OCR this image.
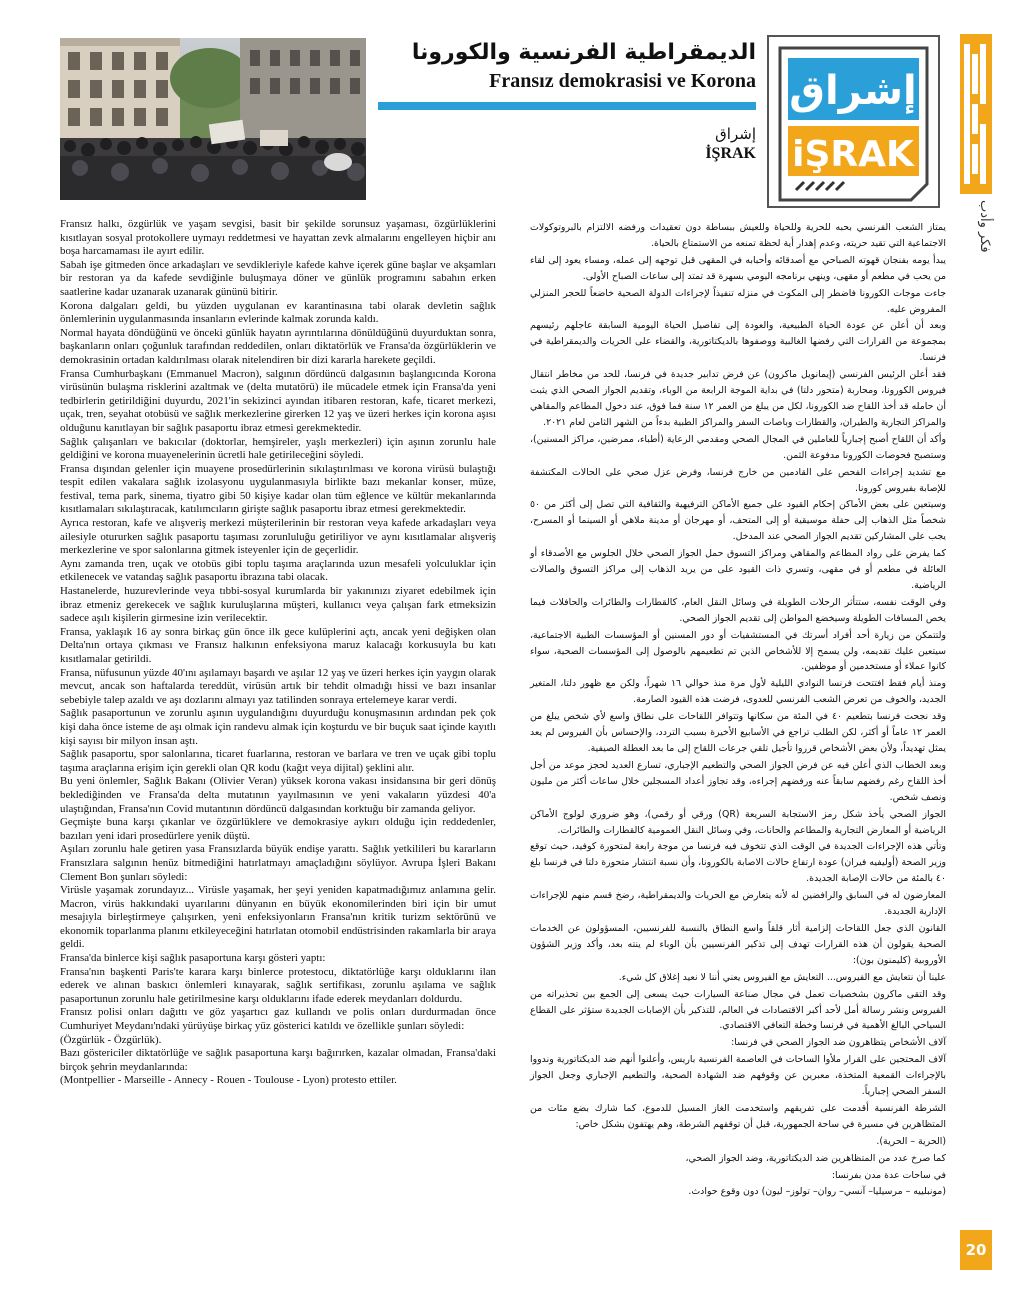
الديمقراطية الفرنسية والكورونا
Fransız demokrasisi ve Korona
إشراق
İŞRAK
إشراق
iŞRAK
فكر وأدب
20

Fransız halkı, özgürlük ve yaşam sevgisi, basit bir şekilde sorunsuz yaşaması, özgürlüklerini kısıtlayan sosyal protokollere uymayı reddetmesi ve hayattan zevk almalarını engelleyen hiçbir anı boşa harcamaması ile ayırt edilir.

Sabah işe gitmeden önce arkadaşları ve sevdikleriyle kafede kahve içerek güne başlar ve akşamları bir restoran ya da kafede sevdiğinle buluşmaya döner ve günlük programını sabahın erken saatlerine kadar uzanarak uzanarak gününü bitirir.

Korona dalgaları geldi, bu yüzden uygulanan ev karantinasına tabi olarak devletin sağlık önlemlerinin uygulanmasında insanların evlerinde kalmak zorunda kaldı.

Normal hayata döndüğünü ve önceki günlük hayatın ayrıntılarına dönüldüğünü duyurduktan sonra, başkanların onları çoğunluk tarafından reddedilen, onları diktatörlük ve Fransa'da özgürlüklerin ve demokrasinin ortadan kaldırılması olarak nitelendiren bir dizi kararla harekete geçildi.

Fransa Cumhurbaşkanı (Emmanuel Macron), salgının dördüncü dalgasının başlangıcında Korona virüsünün bulaşma risklerini azaltmak ve (delta mutatörü) ile mücadele etmek için Fransa'da yeni tedbirlerin getirildiğini duyurdu, 2021'in sekizinci ayından itibaren restoran, kafe, ticaret merkezi, uçak, tren, seyahat otobüsü ve sağlık merkezlerine girerken 12 yaş ve üzeri herkes için korona aşısı olduğunu kanıtlayan bir sağlık pasaportu ibraz etmesi gerekmektedir.

Sağlık çalışanları ve bakıcılar (doktorlar, hemşireler, yaşlı merkezleri) için aşının zorunlu hale geldiğini ve korona muayenelerinin ücretli hale getirileceğini söyledi.

Fransa dışından gelenler için muayene prosedürlerinin sıkılaştırılması ve korona virüsü bulaştığı tespit edilen vakalara sağlık izolasyonu uygulanmasıyla birlikte bazı mekanlar konser, müze, festival, tema park, sinema, tiyatro gibi 50 kişiye kadar olan tüm eğlence ve kültür mekanlarında kısıtlamaları sıkılaştıracak, katılımcıların girişte sağlık pasaportu ibraz etmesi gerekmektedir.

Ayrıca restoran, kafe ve alışveriş merkezi müşterilerinin bir restoran veya kafede arkadaşları veya ailesiyle otururken sağlık pasaportu taşıması zorunluluğu getiriliyor ve aynı kısıtlamalar alışveriş merkezlerine ve spor salonlarına gitmek isteyenler için de geçerlidir.

Aynı zamanda tren, uçak ve otobüs gibi toplu taşıma araçlarında uzun mesafeli yolculuklar için etkilenecek ve vatandaş sağlık pasaportu ibrazına tabi olacak.

Hastanelerde, huzurevlerinde veya tıbbi-sosyal kurumlarda bir yakınınızı ziyaret edebilmek için ibraz etmeniz gerekecek ve sağlık kuruluşlarına müşteri, kullanıcı veya çalışan fark etmeksizin sadece aşılı kişilerin girmesine izin verilecektir.

Fransa, yaklaşık 16 ay sonra birkaç gün önce ilk gece kulüplerini açtı, ancak yeni değişken olan Delta'nın ortaya çıkması ve Fransız halkının enfeksiyona maruz kalacağı korkusuyla bu katı kısıtlamalar getirildi.

Fransa, nüfusunun yüzde 40'ını aşılamayı başardı ve aşılar 12 yaş ve üzeri herkes için yaygın olarak mevcut, ancak son haftalarda tereddüt, virüsün artık bir tehdit olmadığı hissi ve bazı insanlar sebebiyle talep azaldı ve aşı dozlarını almayı yaz tatilinden sonraya ertelemeye karar verdi.

Sağlık pasaportunun ve zorunlu aşının uygulandığını duyurduğu konuşmasının ardından pek çok kişi daha önce isteme de aşı olmak için randevu almak için koşturdu ve bir buçuk saat içinde kayıtlı kişi sayısı bir milyon insan aştı.

Sağlık pasaportu, spor salonlarına, ticaret fuarlarına, restoran ve barlara ve tren ve uçak gibi toplu taşıma araçlarına erişim için gerekli olan QR kodu (kağıt veya dijital) şeklini alır.

Bu yeni önlemler, Sağlık Bakanı (Olivier Veran) yüksek korona vakası insidansına bir geri dönüş beklediğinden ve Fransa'da delta mutatının yayılmasının ve yeni vakaların yüzdesi 40'a ulaştığından, Fransa'nın Covid mutantının dördüncü dalgasından korktuğu bir zamanda geliyor.

Geçmişte buna karşı çıkanlar ve özgürlüklere ve demokrasiye aykırı olduğu için reddedenler, bazıları yeni idari prosedürlere yenik düştü.

Aşıları zorunlu hale getiren yasa Fransızlarda büyük endişe yarattı. Sağlık yetkilileri bu kararların Fransızlara salgının henüz bitmediğini hatırlatmayı amaçladığını söylüyor. Avrupa İşleri Bakanı Clement Bon şunları söyledi:

Virüsle yaşamak zorundayız... Virüsle yaşamak, her şeyi yeniden kapatmadığımız anlamına gelir. Macron, virüs hakkındaki uyarılarını dünyanın en büyük ekonomilerinden biri için bir umut mesajıyla birleştirmeye çalışırken, yeni enfeksiyonların Fransa'nın kritik turizm sektörünü ve ekonomik toparlanma planını etkileyeceğini hatırlatan otomobil endüstrisinden rakamlarla bir araya geldi.

Fransa'da binlerce kişi sağlık pasaportuna karşı gösteri yaptı:

Fransa'nın başkenti Paris'te karara karşı binlerce protestocu, diktatörlüğe karşı olduklarını ilan ederek ve alınan baskıcı önlemleri kınayarak, sağlık sertifikası, zorunlu aşılama ve sağlık pasaportunun zorunlu hale getirilmesine karşı olduklarını ifade ederek meydanları doldurdu.

Fransız polisi onları dağıttı ve göz yaşartıcı gaz kullandı ve polis onları durdurmadan önce Cumhuriyet Meydanı'ndaki yürüyüşe birkaç yüz gösterici katıldı ve özellikle şunları söyledi:

(Özgürlük - Özgürlük).

Bazı göstericiler diktatörlüğe ve sağlık pasaportuna karşı bağırırken, kazalar olmadan, Fransa'daki birçok şehrin meydanlarında:

(Montpellier - Marseille - Annecy - Rouen - Toulouse - Lyon) protesto ettiler.

يمتاز الشعب الفرنسي بحبه للحرية وللحياة وللعيش ببساطة دون تعقيدات ورفضه الالتزام بالبروتوكولات الاجتماعية التي تقيد حريته، وعدم إهدار أية لحظة تمنعه من الاستمتاع بالحياة.

يبدأ يومه بفنجان قهوته الصباحي مع أصدقائه وأحبابه في المقهى قبل توجهه إلى عمله، ومساء يعود إلى لقاء من يحب في مطعم أو مقهى، وينهي برنامجه اليومي بسهرة قد تمتد إلى ساعات الصباح الأولى.

جاءت موجات الكورونا فاضطر إلى المكوث في منزله تنفيذاً لإجراءات الدولة الصحية خاضعاً للحجر المنزلي المفروض عليه.

وبعد أن أعلن عن عودة الحياة الطبيعية، والعودة إلى تفاصيل الحياة اليومية السابقة عاجلهم رئيسهم بمجموعة من القرارات التي رفضها الغالبية ووصفوها بالديكتاتورية، والقضاء على الحريات والديمقراطية في فرنسا.

فقد أعلن الرئيس الفرنسي (إيمانويل ماكرون) عن فرض تدابير جديدة في فرنسا، للحد من مخاطر انتقال فيروس الكورونا، ومحاربة (متحور دلتا) في بداية الموجة الرابعة من الوباء، وتقديم الجواز الصحي الذي يثبت أن حامله قد أخذ اللقاح ضد الكورونا، لكل من يبلغ من العمر ١٢ سنة فما فوق، عند دخول المطاعم والمقاهي والمراكز التجارية والطيران، والقطارات وباصات السفر والمراكز الطبية بدءاً من الشهر الثامن لعام ٢٠٢١.

وأكد أن اللقاح أصبح إجبارياً للعاملين في المجال الصحي ومقدمي الرعاية (أطباء، ممرضين، مراكز المسنين)، وستصبح فحوصات الكورونا مدفوعة الثمن.

مع تشديد إجراءات الفحص على القادمين من خارج فرنسا، وفرض عزل صحي على الحالات المكتشفة للإصابة بفيروس كورونا.

وسيتعين على بعض الأماكن إحكام القيود على جميع الأماكن الترفيهية والثقافية التي تصل إلى أكثر من ٥٠ شخصاً مثل الذهاب إلى حفلة موسيقية أو إلى المتحف، أو مهرجان أو مدينة ملاهي أو السينما أو المسرح، يجب على المشاركين تقديم الجواز الصحي عند المدخل.

كما يفرض على رواد المطاعم والمقاهي ومراكز التسوق حمل الجواز الصحي خلال الجلوس مع الأصدقاء أو العائلة في مطعم أو في مقهى، وتسري ذات القيود على من يريد الذهاب إلى مراكز التسوق والصالات الرياضية.

وفي الوقت نفسه، ستتأثر الرحلات الطويلة في وسائل النقل العام، كالقطارات والطائرات والحافلات فيما يخص المسافات الطويلة وسيخضع المواطن إلى تقديم الجواز الصحي.

ولتتمكن من زيارة أحد أفراد أسرتك في المستشفيات أو دور المسنين أو المؤسسات الطبية الاجتماعية، سيتعين عليك تقديمه، ولن يسمح إلا للأشخاص الذين تم تطعيمهم بالوصول إلى المؤسسات الصحية، سواء كانوا عملاء أو مستخدمين أو موظفين.

ومنذ أيام فقط افتتحت فرنسا النوادي الليلية لأول مرة منذ حوالي ١٦ شهراً، ولكن مع ظهور دلتا، المتغير الجديد، والخوف من تعرض الشعب الفرنسي للعدوى، فرضت هذه القيود الصارمة.

وقد نجحت فرنسا بتطعيم ٤٠ في المئة من سكانها وتتوافر اللقاحات على نطاق واسع لأي شخص يبلغ من العمر ١٢ عاماً أو أكثر، لكن الطلب تراجع في الأسابيع الأخيرة بسبب التردد، والإحساس بأن الفيروس لم يعد يمثل تهديداً، ولأن بعض الأشخاص قرروا تأجيل تلقي جرعات اللقاح إلى ما بعد العطلة الصيفية.

وبعد الخطاب الذي أعلن فيه عن فرض الجواز الصحي والتطعيم الإجباري، تسارع العديد لحجز موعد من أجل أخذ اللقاح رغم رفضهم سابقاً عنه ورفضهم إجراءه، وقد تجاوز أعداد المسجلين خلال ساعات أكثر من مليون ونصف شخص.

الجواز الصحي يأخذ شكل رمز الاستجابة السريعة (QR) ورقي أو رقمي)، وهو ضروري لولوج الأماكن الرياضية أو المعارض التجارية والمطاعم والحانات، وفي وسائل النقل العمومية كالقطارات والطائرات.

وتأتي هذه الإجراءات الجديدة في الوقت الذي تتخوف فيه فرنسا من موجة رابعة لمتحورة كوفيد، حيث توقع وزير الصحة (أوليفيه فيران) عودة ارتفاع حالات الاصابة بالكورونا، وأن نسبة انتشار متحورة دلتا في فرنسا بلغ ٤٠ بالمئة من حالات الإصابة الجديدة.

المعارضون له في السابق والرافضين له لأنه يتعارض مع الحريات والديمقراطية، رضخ قسم منهم للإجراءات الإدارية الجديدة.

القانون الذي جعل اللقاحات إلزامية أثار قلقاً واسع النطاق بالنسبة للفرنسيين، المسؤولون عن الخدمات الصحية يقولون أن هذه القرارات تهدف إلى تذكير الفرنسيين بأن الوباء لم ينته بعد، وأكد وزير الشؤون الأوروبية (كليمنون بون):

علينا أن نتعايش مع الفيروس... التعايش مع الفيروس يعني أننا لا نعيد إغلاق كل شيء.

وقد التقى ماكرون بشخصيات تعمل في مجال صناعة السيارات حيث يسعى إلى الجمع بين تحذيراته من الفيروس ونشر رسالة أمل لأحد أكبر الاقتصادات في العالم، للتذكير بأن الإصابات الجديدة ستؤثر على القطاع السياحي البالغ الأهمية في فرنسا وخطة التعافي الاقتصادي.

آلاف الأشخاص يتظاهرون ضد الجواز الصحي في فرنسا:

آلاف المحتجين على القرار ملأوا الساحات في العاصمة الفرنسية باريس، وأعلنوا أنهم ضد الديكتاتورية وندووا بالإجراءات القمعية المتخذة، معبرين عن وقوفهم ضد الشهادة الصحية، والتطعيم الإجباري وجعل الجواز السفر الصحي إجبارياً.

الشرطة الفرنسية أقدمت على تفريقهم واستخدمت الغاز المسيل للدموع، كما شارك بضع مئات من المتظاهرين في مسيرة في ساحة الجمهورية، قبل أن توقفهم الشرطة، وهم يهتفون بشكل خاص:

(الحرية – الحرية).

كما صرخ عدد من المتظاهرين ضد الديكتاتورية، وضد الجواز الصحي،

في ساحات عدة مدن بفرنسا:

(مونبلييه – مرسيليا– آنسي– روان– تولوز– ليون) دون وقوع حوادث.
